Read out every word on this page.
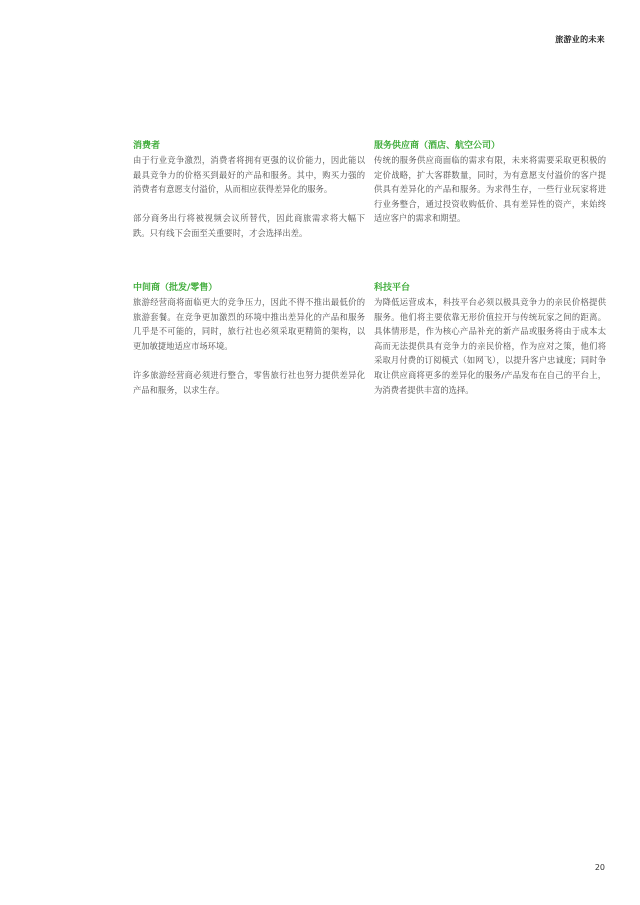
旅游业的未来
消费者

由于行业竞争激烈，消费者将拥有更强的议价能力，因此能以最具竞争力的价格买到最好的产品和服务。其中，购买力强的消费者有意愿支付溢价，从而相应获得差异化的服务。

部分商务出行将被视频会议所替代，因此商旅需求将大幅下跌。只有线下会面至关重要时，才会选择出差。

服务供应商（酒店、航空公司）

传统的服务供应商面临的需求有限，未来将需要采取更积极的定价战略，扩大客群数量，同时，为有意愿支付溢价的客户提供具有差异化的产品和服务。为求得生存，一些行业玩家将进行业务整合，通过投资收购低价、具有差异性的资产，来始终适应客户的需求和期望。

中间商（批发/零售）

旅游经营商将面临更大的竞争压力，因此不得不推出最低价的旅游套餐。在竞争更加激烈的环境中推出差异化的产品和服务几乎是不可能的，同时，旅行社也必须采取更精简的架构，以更加敏捷地适应市场环境。

许多旅游经营商必须进行整合，零售旅行社也努力提供差异化产品和服务，以求生存。

科技平台

为降低运营成本，科技平台必须以极具竞争力的亲民价格提供服务。他们将主要依靠无形价值拉开与传统玩家之间的距离。具体情形是，作为核心产品补充的新产品或服务将由于成本太高而无法提供具有竞争力的亲民价格，作为应对之策，他们将采取月付费的订阅模式（如网飞），以提升客户忠诚度；同时争取让供应商将更多的差异化的服务/产品发布在自己的平台上，为消费者提供丰富的选择。

20
